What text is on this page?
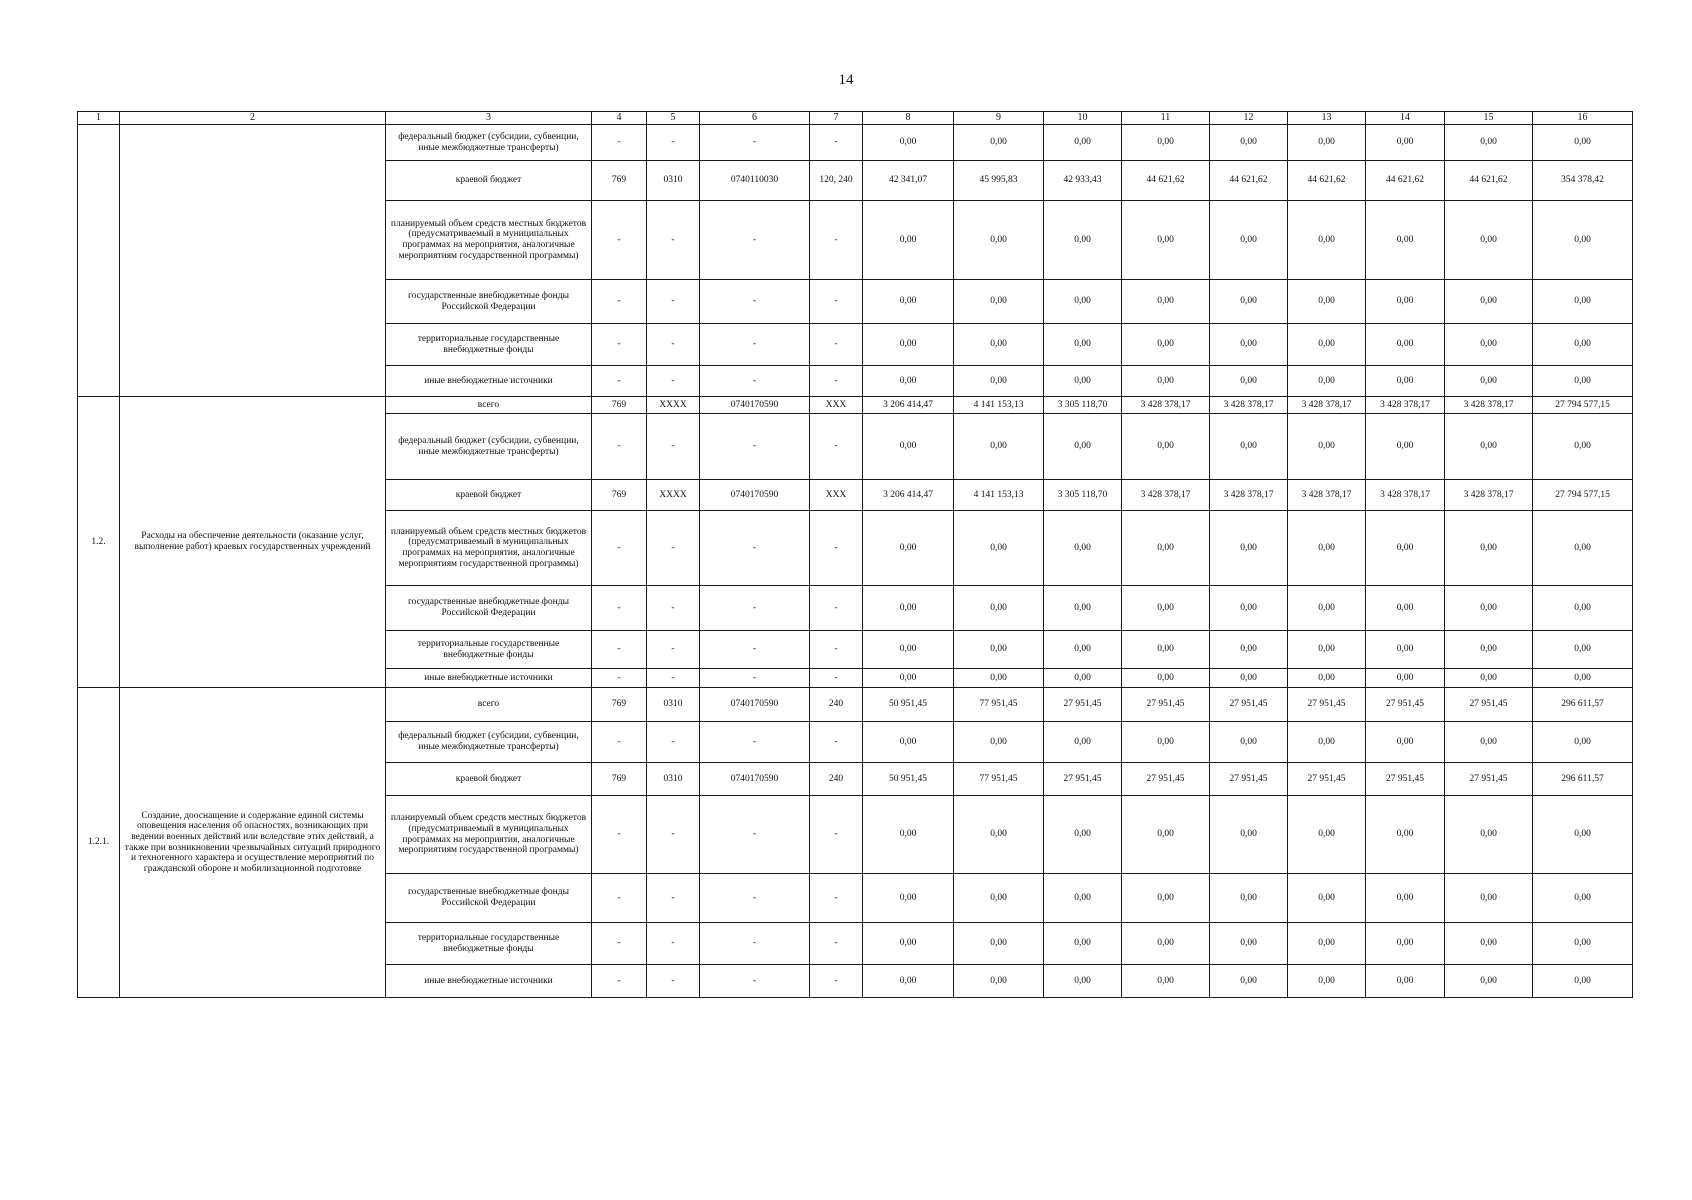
14
1	2	3	4	5	6	7	8	9	10	11	12	13	14	15	16
		федеральный бюджет (субсидии, субвенции, иные межбюджетные трансферты)	-	-	-	-	0,00	0,00	0,00	0,00	0,00	0,00	0,00	0,00	0,00
		краевой бюджет	769	0310	0740110030	120, 240	42 341,07	45 995,83	42 933,43	44 621,62	44 621,62	44 621,62	44 621,62	44 621,62	354 378,42
		планируемый объем средств местных бюджетов (предусматриваемый в муниципальных программах на мероприятия, аналогичные мероприятиям государственной программы)	-	-	-	-	0,00	0,00	0,00	0,00	0,00	0,00	0,00	0,00	0,00
		государственные внебюджетные фонды Российской Федерации	-	-	-	-	0,00	0,00	0,00	0,00	0,00	0,00	0,00	0,00	0,00
		территориальные государственные внебюджетные фонды	-	-	-	-	0,00	0,00	0,00	0,00	0,00	0,00	0,00	0,00	0,00
		иные внебюджетные источники	-	-	-	-	0,00	0,00	0,00	0,00	0,00	0,00	0,00	0,00	0,00
1.2.	Расходы на обеспечение деятельности (оказание услуг, выполнение работ) краевых государственных учреждений	всего	769	XXXX	0740170590	XXX	3 206 414,47	4 141 153,13	3 305 118,70	3 428 378,17	3 428 378,17	3 428 378,17	3 428 378,17	3 428 378,17	27 794 577,15
		федеральный бюджет (субсидии, субвенции, иные межбюджетные трансферты)	-	-	-	-	0,00	0,00	0,00	0,00	0,00	0,00	0,00	0,00	0,00
		краевой бюджет	769	XXXX	0740170590	XXX	3 206 414,47	4 141 153,13	3 305 118,70	3 428 378,17	3 428 378,17	3 428 378,17	3 428 378,17	3 428 378,17	27 794 577,15
		планируемый объем средств местных бюджетов (предусматриваемый в муниципальных программах на мероприятия, аналогичные мероприятиям государственной программы)	-	-	-	-	0,00	0,00	0,00	0,00	0,00	0,00	0,00	0,00	0,00
		государственные внебюджетные фонды Российской Федерации	-	-	-	-	0,00	0,00	0,00	0,00	0,00	0,00	0,00	0,00	0,00
		территориальные государственные внебюджетные фонды	-	-	-	-	0,00	0,00	0,00	0,00	0,00	0,00	0,00	0,00	0,00
		иные внебюджетные источники	-	-	-	-	0,00	0,00	0,00	0,00	0,00	0,00	0,00	0,00	0,00
1.2.1.	Создание, дооснащение и содержание единой системы оповещения населения об опасностях, возникающих при ведении военных действий или вследствие этих действий, а также при возникновении чрезвычайных ситуаций природного и техногенного характера и осуществление мероприятий по гражданской обороне и мобилизационной подготовке	всего	769	0310	0740170590	240	50 951,45	77 951,45	27 951,45	27 951,45	27 951,45	27 951,45	27 951,45	27 951,45	296 611,57
		федеральный бюджет (субсидии, субвенции, иные межбюджетные трансферты)	-	-	-	-	0,00	0,00	0,00	0,00	0,00	0,00	0,00	0,00	0,00
		краевой бюджет	769	0310	0740170590	240	50 951,45	77 951,45	27 951,45	27 951,45	27 951,45	27 951,45	27 951,45	27 951,45	296 611,57
		планируемый объем средств местных бюджетов (предусматриваемый в муниципальных программах на мероприятия, аналогичные мероприятиям государственной программы)	-	-	-	-	0,00	0,00	0,00	0,00	0,00	0,00	0,00	0,00	0,00
		государственные внебюджетные фонды Российской Федерации	-	-	-	-	0,00	0,00	0,00	0,00	0,00	0,00	0,00	0,00	0,00
		территориальные государственные внебюджетные фонды	-	-	-	-	0,00	0,00	0,00	0,00	0,00	0,00	0,00	0,00	0,00
		иные внебюджетные источники	-	-	-	-	0,00	0,00	0,00	0,00	0,00	0,00	0,00	0,00	0,00
